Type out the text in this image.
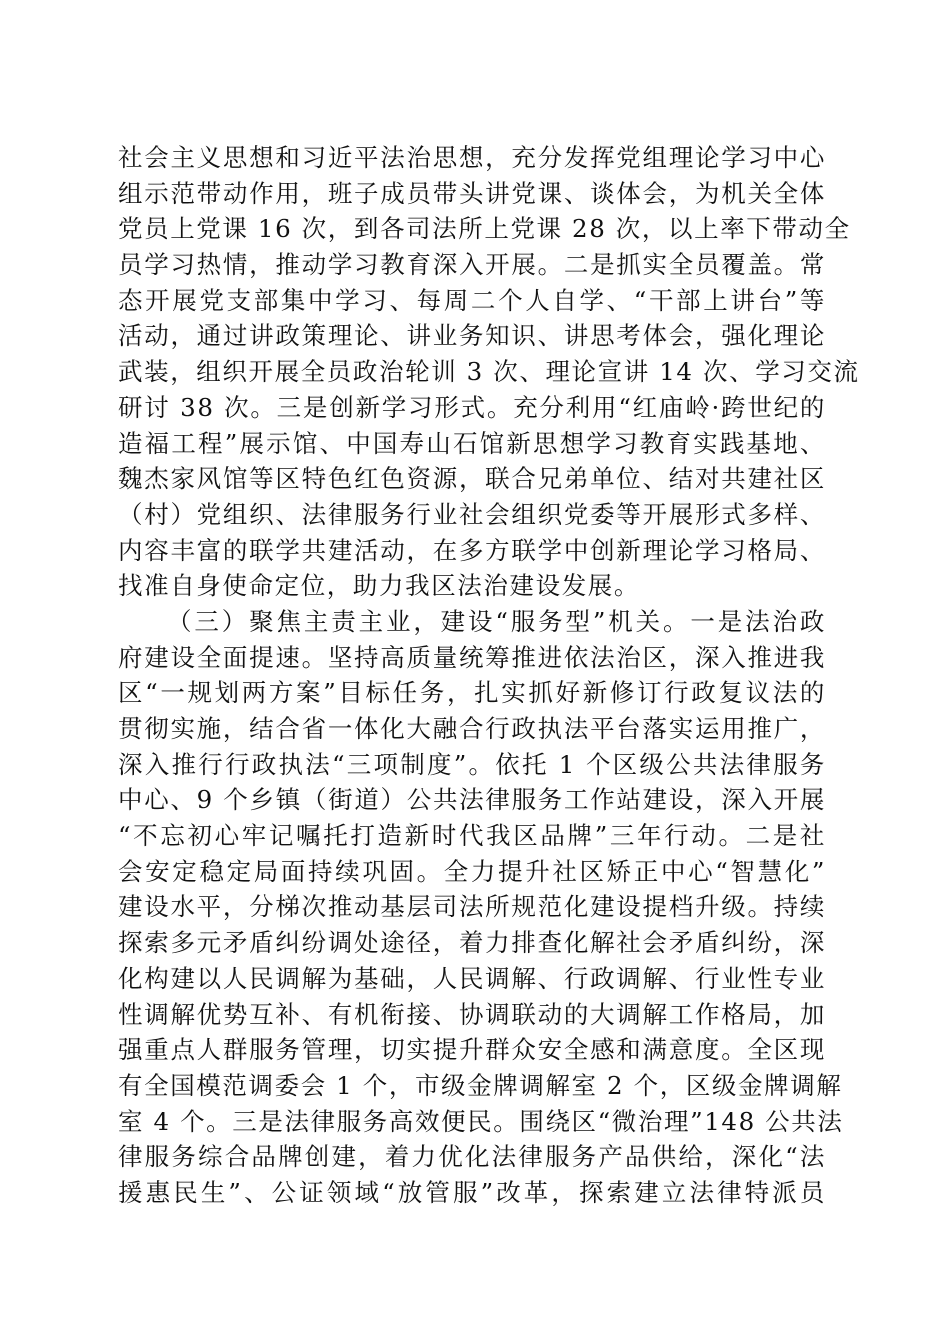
社会主义思想和习近平法治思想，充分发挥党组理论学习中心
组示范带动作用，班子成员带头讲党课、谈体会，为机关全体
党员上党课 16 次，到各司法所上党课 28 次，以上率下带动全
员学习热情，推动学习教育深入开展。二是抓实全员覆盖。常
态开展党支部集中学习、每周二个人自学、“干部上讲台”等
活动，通过讲政策理论、讲业务知识、讲思考体会，强化理论
武装，组织开展全员政治轮训 3 次、理论宣讲 14 次、学习交流
研讨 38 次。三是创新学习形式。充分利用“红庙岭·跨世纪的
造福工程”展示馆、中国寿山石馆新思想学习教育实践基地、
魏杰家风馆等区特色红色资源，联合兄弟单位、结对共建社区
（村）党组织、法律服务行业社会组织党委等开展形式多样、
内容丰富的联学共建活动，在多方联学中创新理论学习格局、
找准自身使命定位，助力我区法治建设发展。
（三）聚焦主责主业，建设“服务型”机关。一是法治政
府建设全面提速。坚持高质量统筹推进依法治区，深入推进我
区“一规划两方案”目标任务，扎实抓好新修订行政复议法的
贯彻实施，结合省一体化大融合行政执法平台落实运用推广，
深入推行行政执法“三项制度”。依托 1 个区级公共法律服务
中心、9 个乡镇（街道）公共法律服务工作站建设，深入开展
“不忘初心牢记嘱托打造新时代我区品牌”三年行动。二是社
会安定稳定局面持续巩固。全力提升社区矫正中心“智慧化”
建设水平，分梯次推动基层司法所规范化建设提档升级。持续
探索多元矛盾纠纷调处途径，着力排查化解社会矛盾纠纷，深
化构建以人民调解为基础，人民调解、行政调解、行业性专业
性调解优势互补、有机衔接、协调联动的大调解工作格局，加
强重点人群服务管理，切实提升群众安全感和满意度。全区现
有全国模范调委会 1 个，市级金牌调解室 2 个，区级金牌调解
室 4 个。三是法律服务高效便民。围绕区“微治理”148 公共法
律服务综合品牌创建，着力优化法律服务产品供给，深化“法
援惠民生”、公证领域“放管服”改革，探索建立法律特派员
